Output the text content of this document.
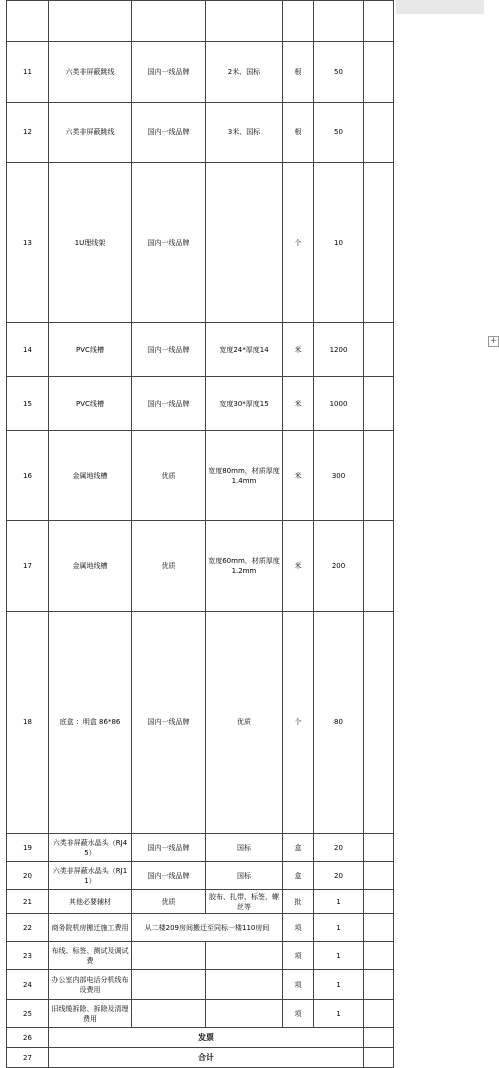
11	六类非屏蔽跳线	国内一线品牌	2米、国标	根	50		
12	六类非屏蔽跳线	国内一线品牌	3米、国标	根	50	
13	1U理线架	国内一线品牌		个	10	
14	PVC线槽	国内一线品牌	宽度24*厚度14	米	1200		
15	PVC线槽	国内一线品牌	宽度30*厚度15	米	1000	
16	金属地线槽	优质	宽度80mm，材质厚度1.4mm	米	300	
17	金属地线槽	优质	宽度60mm，材质厚度1.2mm	米	200	
18	底盒 ：明盒 86*86	国内一线品牌	优质	个	80	
19	六类非屏蔽水晶头（RJ45）	国内一线品牌	国标	盒	20		
20	六类非屏蔽水晶头（RJ11）	国内一线品牌	国标	盒	20		
21	其他必要辅材	优质	胶布、扎带、标签、螺丝等	批	1		
22	商务院机房搬迁施工费用	从二楼209房间搬迁至同标一楼110房间		项	1		
23	布线、标签、测试及调试费			项	1		
24	办公室内部电话分机线布设费用			项	1		
25	旧线缆拆除、拆除及清理费用			项	1		
26	发票						
27	合计						
+
